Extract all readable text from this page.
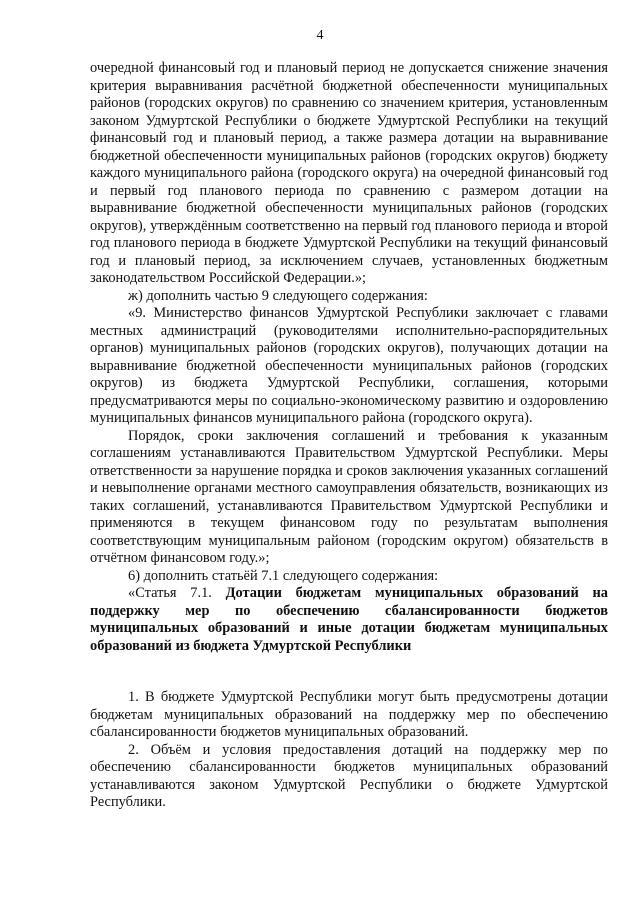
4

очередной финансовый год и плановый период не допускается снижение значения критерия выравнивания расчётной бюджетной обеспеченности муниципальных районов (городских округов) по сравнению со значением критерия, установленным законом Удмуртской Республики о бюджете Удмуртской Республики на текущий финансовый год и плановый период, а также размера дотации на выравнивание бюджетной обеспеченности муниципальных районов (городских округов) бюджету каждого муниципального района (городского округа) на очередной финансовый год и первый год планового периода по сравнению с размером дотации на выравнивание бюджетной обеспеченности муниципальных районов (городских округов), утверждённым соответственно на первый год планового периода и второй год планового периода в бюджете Удмуртской Республики на текущий финансовый год и плановый период, за исключением случаев, установленных бюджетным законодательством Российской Федерации.»;

ж) дополнить частью 9 следующего содержания:

«9. Министерство финансов Удмуртской Республики заключает с главами местных администраций (руководителями исполнительно-распорядительных органов) муниципальных районов (городских округов), получающих дотации на выравнивание бюджетной обеспеченности муниципальных районов (городских округов) из бюджета Удмуртской Республики, соглашения, которыми предусматриваются меры по социально-экономическому развитию и оздоровлению муниципальных финансов муниципального района (городского округа).

Порядок, сроки заключения соглашений и требования к указанным соглашениям устанавливаются Правительством Удмуртской Республики. Меры ответственности за нарушение порядка и сроков заключения указанных соглашений и невыполнение органами местного самоуправления обязательств, возникающих из таких соглашений, устанавливаются Правительством Удмуртской Республики и применяются в текущем финансовом году по результатам выполнения соответствующим муниципальным районом (городским округом) обязательств в отчётном финансовом году.»;

6) дополнить статьёй 7.1 следующего содержания:

«Статья 7.1. Дотации бюджетам муниципальных образований на поддержку мер по обеспечению сбалансированности бюджетов муниципальных образований и иные дотации бюджетам муниципальных образований из бюджета Удмуртской Республики

1. В бюджете Удмуртской Республики могут быть предусмотрены дотации бюджетам муниципальных образований на поддержку мер по обеспечению сбалансированности бюджетов муниципальных образований.

2. Объём и условия предоставления дотаций на поддержку мер по обеспечению сбалансированности бюджетов муниципальных образований устанавливаются законом Удмуртской Республики о бюджете Удмуртской Республики.
